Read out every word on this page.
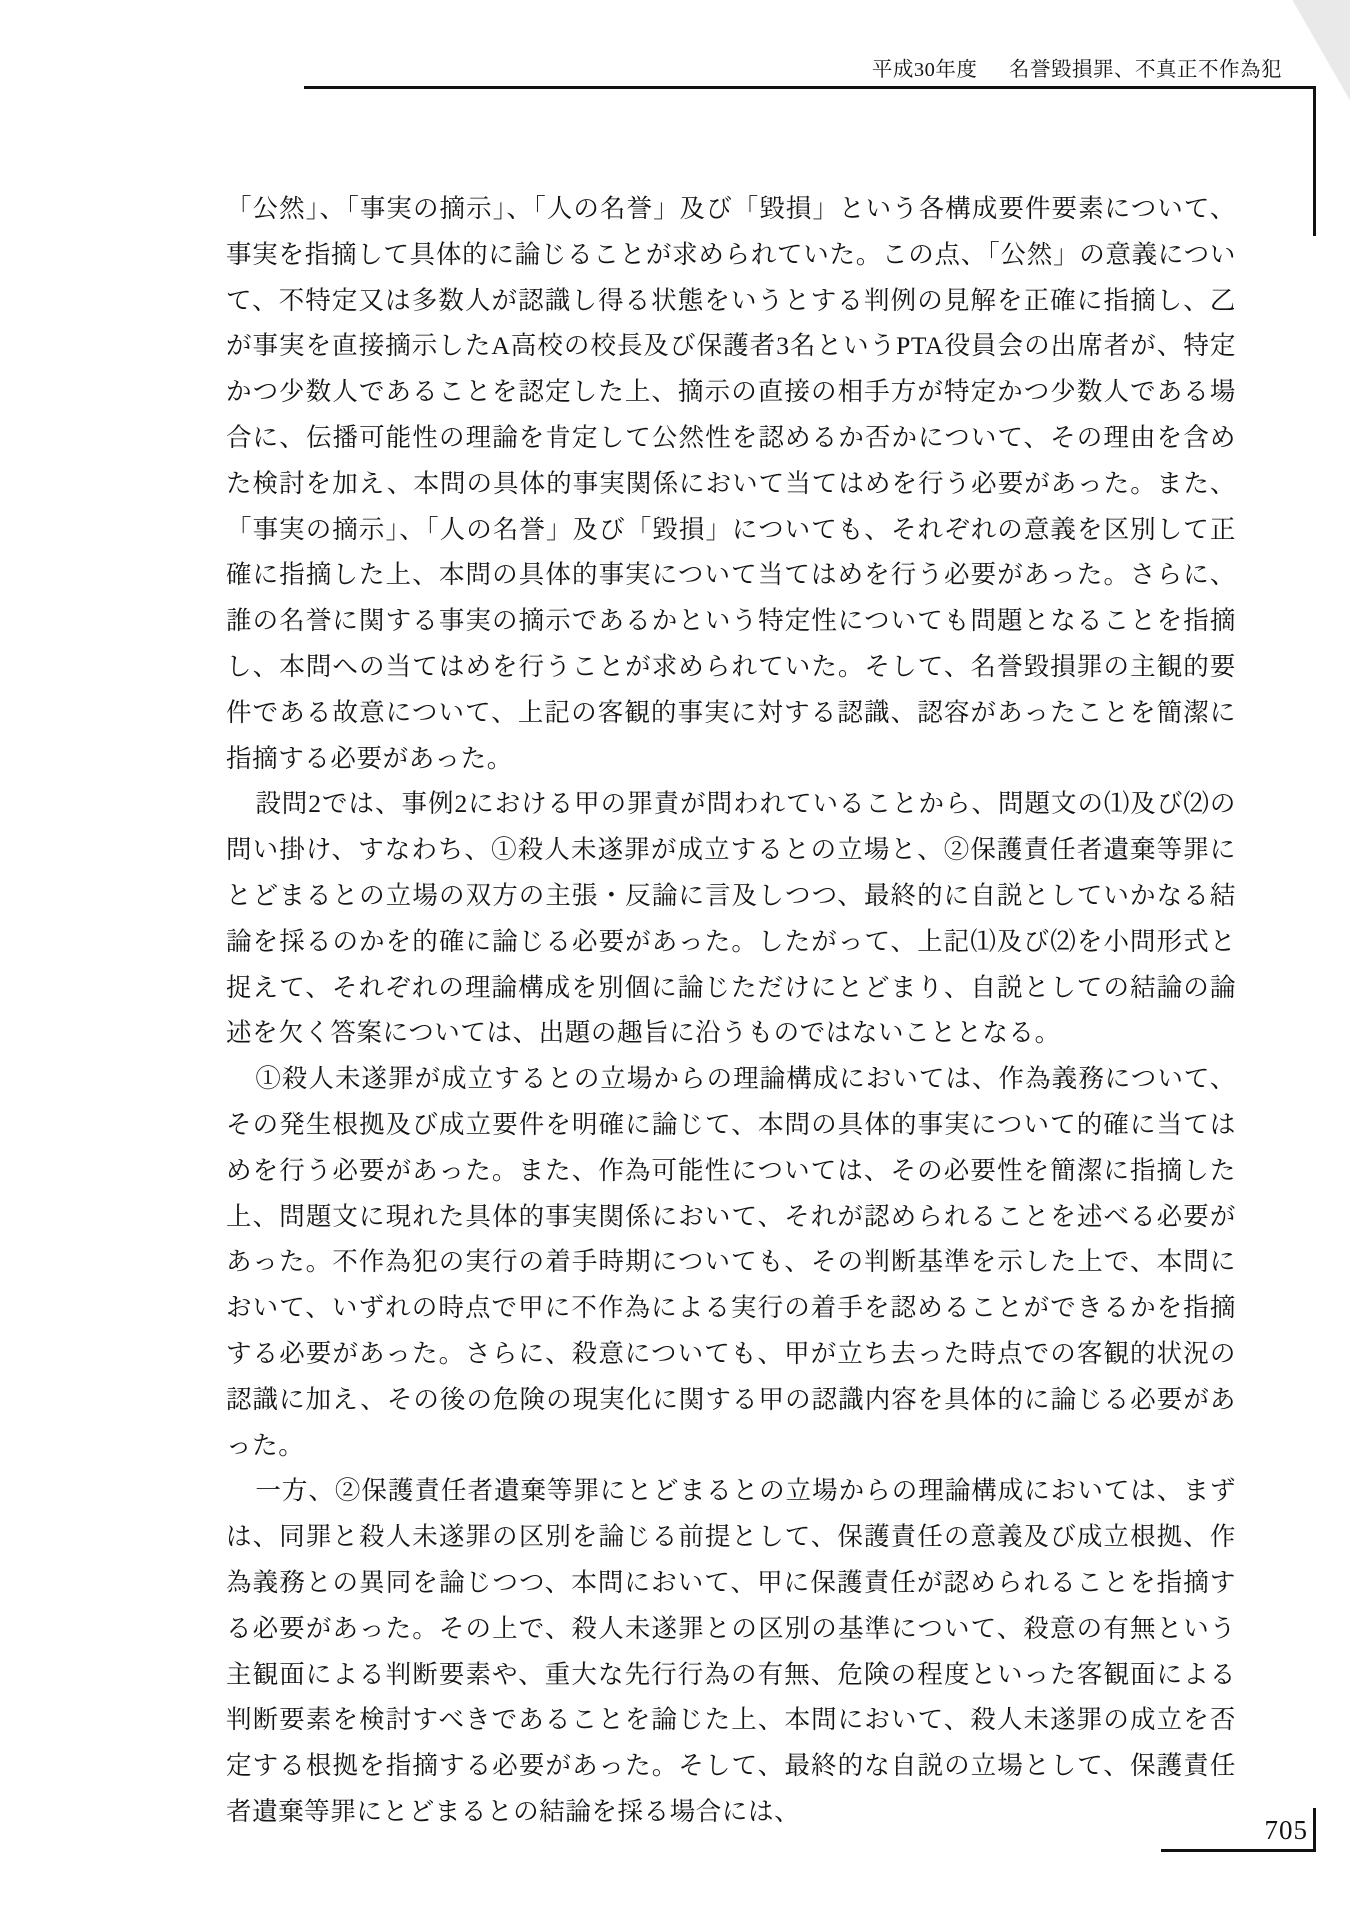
平成30年度 名誉毀損罪、不真正不作為犯

「公然」、「事実の摘示」、「人の名誉」及び「毀損」という各構成要件要素について、事実を指摘して具体的に論じることが求められていた。この点、「公然」の意義について、不特定又は多数人が認識し得る状態をいうとする判例の見解を正確に指摘し、乙が事実を直接摘示したA高校の校長及び保護者3名というPTA役員会の出席者が、特定かつ少数人であることを認定した上、摘示の直接の相手方が特定かつ少数人である場合に、伝播可能性の理論を肯定して公然性を認めるか否かについて、その理由を含めた検討を加え、本問の具体的事実関係において当てはめを行う必要があった。また、「事実の摘示」、「人の名誉」及び「毀損」についても、それぞれの意義を区別して正確に指摘した上、本問の具体的事実について当てはめを行う必要があった。さらに、誰の名誉に関する事実の摘示であるかという特定性についても問題となることを指摘し、本問への当てはめを行うことが求められていた。そして、名誉毀損罪の主観的要件である故意について、上記の客観的事実に対する認識、認容があったことを簡潔に指摘する必要があった。

設問2では、事例2における甲の罪責が問われていることから、問題文の⑴及び⑵の問い掛け、すなわち、①殺人未遂罪が成立するとの立場と、②保護責任者遺棄等罪にとどまるとの立場の双方の主張・反論に言及しつつ、最終的に自説としていかなる結論を採るのかを的確に論じる必要があった。したがって、上記⑴及び⑵を小問形式と捉えて、それぞれの理論構成を別個に論じただけにとどまり、自説としての結論の論述を欠く答案については、出題の趣旨に沿うものではないこととなる。

①殺人未遂罪が成立するとの立場からの理論構成においては、作為義務について、その発生根拠及び成立要件を明確に論じて、本問の具体的事実について的確に当てはめを行う必要があった。また、作為可能性については、その必要性を簡潔に指摘した上、問題文に現れた具体的事実関係において、それが認められることを述べる必要があった。不作為犯の実行の着手時期についても、その判断基準を示した上で、本問において、いずれの時点で甲に不作為による実行の着手を認めることができるかを指摘する必要があった。さらに、殺意についても、甲が立ち去った時点での客観的状況の認識に加え、その後の危険の現実化に関する甲の認識内容を具体的に論じる必要があった。

一方、②保護責任者遺棄等罪にとどまるとの立場からの理論構成においては、まずは、同罪と殺人未遂罪の区別を論じる前提として、保護責任の意義及び成立根拠、作為義務との異同を論じつつ、本問において、甲に保護責任が認められることを指摘する必要があった。その上で、殺人未遂罪との区別の基準について、殺意の有無という主観面による判断要素や、重大な先行行為の有無、危険の程度といった客観面による判断要素を検討すべきであることを論じた上、本問において、殺人未遂罪の成立を否定する根拠を指摘する必要があった。そして、最終的な自説の立場として、保護責任者遺棄等罪にとどまるとの結論を採る場合には、

705
